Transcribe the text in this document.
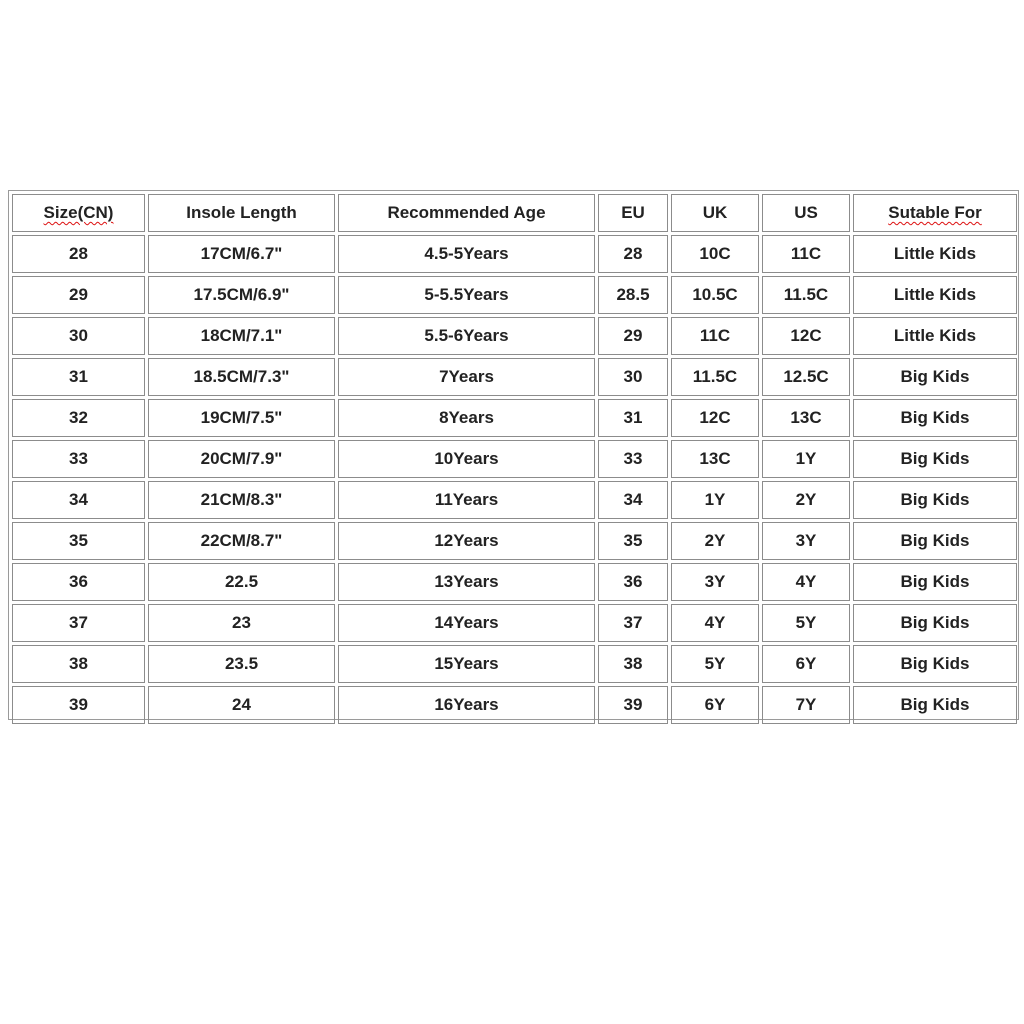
Size(CN)	Insole Length	Recommended Age	EU	UK	US	Sutable For
28	17CM/6.7"	4.5-5Years	28	10C	11C	Little Kids
29	17.5CM/6.9"	5-5.5Years	28.5	10.5C	11.5C	Little Kids
30	18CM/7.1"	5.5-6Years	29	11C	12C	Little Kids
31	18.5CM/7.3"	7Years	30	11.5C	12.5C	Big Kids
32	19CM/7.5"	8Years	31	12C	13C	Big Kids
33	20CM/7.9"	10Years	33	13C	1Y	Big Kids
34	21CM/8.3"	11Years	34	1Y	2Y	Big Kids
35	22CM/8.7"	12Years	35	2Y	3Y	Big Kids
36	22.5	13Years	36	3Y	4Y	Big Kids
37	23	14Years	37	4Y	5Y	Big Kids
38	23.5	15Years	38	5Y	6Y	Big Kids
39	24	16Years	39	6Y	7Y	Big Kids
